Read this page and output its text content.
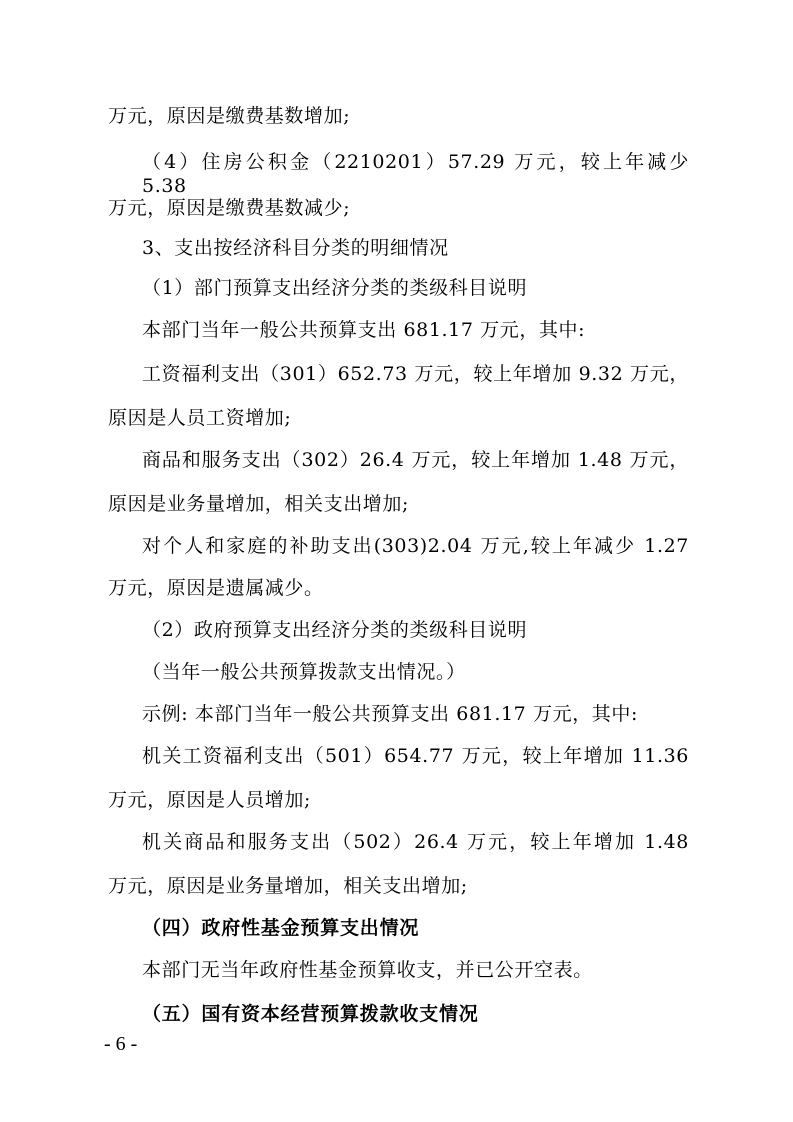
万元，原因是缴费基数增加;
（4）住房公积金（2210201）57.29 万元，较上年减少 5.38
万元，原因是缴费基数减少;
3、支出按经济科目分类的明细情况
（1）部门预算支出经济分类的类级科目说明
本部门当年一般公共预算支出 681.17 万元，其中:
工资福利支出（301）652.73 万元，较上年增加 9.32 万元，
原因是人员工资增加;
商品和服务支出（302）26.4 万元，较上年增加 1.48 万元，
原因是业务量增加，相关支出增加;
对个人和家庭的补助支出(303)2.04 万元,较上年减少 1.27
万元，原因是遗属减少。
（2）政府预算支出经济分类的类级科目说明
（当年一般公共预算拨款支出情况。）
示例: 本部门当年一般公共预算支出 681.17 万元，其中:
机关工资福利支出（501）654.77 万元，较上年增加 11.36
万元，原因是人员增加;
机关商品和服务支出（502）26.4 万元，较上年增加 1.48
万元，原因是业务量增加，相关支出增加;
（四）政府性基金预算支出情况
本部门无当年政府性基金预算收支，并已公开空表。
（五）国有资本经营预算拨款收支情况
- 6 -
